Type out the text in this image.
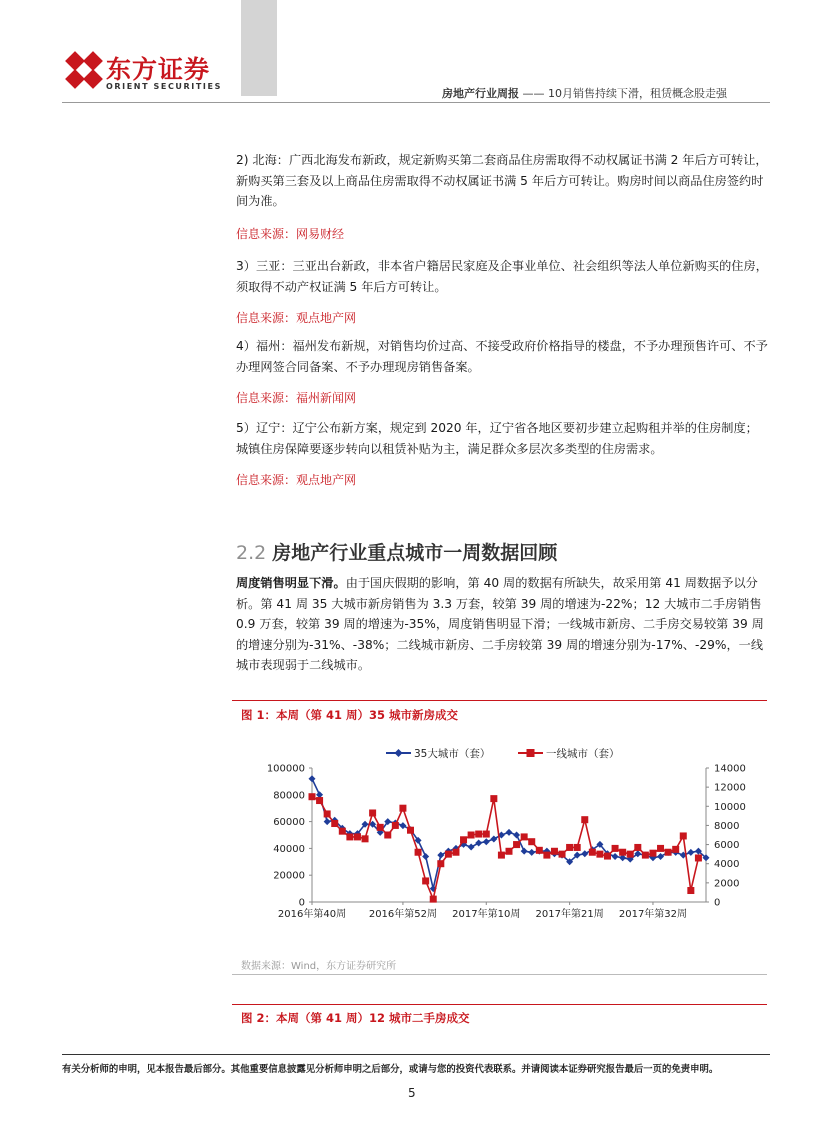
东方证券
ORIENT SECURITIES
房地产行业周报 —— 10月销售持续下滑，租赁概念股走强

2) 北海：广西北海发布新政，规定新购买第二套商品住房需取得不动权属证书满 2 年后方可转让，新购买第三套及以上商品住房需取得不动权属证书满 5 年后方可转让。购房时间以商品住房签约时间为准。

信息来源：网易财经

3）三亚：三亚出台新政，非本省户籍居民家庭及企事业单位、社会组织等法人单位新购买的住房，须取得不动产权证满 5 年后方可转让。

信息来源：观点地产网

4）福州：福州发布新规，对销售均价过高、不接受政府价格指导的楼盘，不予办理预售许可、不予办理网签合同备案、不予办理现房销售备案。

信息来源：福州新闻网

5）辽宁：辽宁公布新方案，规定到 2020 年，辽宁省各地区要初步建立起购租并举的住房制度；城镇住房保障要逐步转向以租赁补贴为主，满足群众多层次多类型的住房需求。

信息来源：观点地产网
2.2 房地产行业重点城市一周数据回顾

周度销售明显下滑。由于国庆假期的影响，第 40 周的数据有所缺失，故采用第 41 周数据予以分析。第 41 周 35 大城市新房销售为 3.3 万套，较第 39 周的增速为-22%；12 大城市二手房销售 0.9 万套，较第 39 周的增速为-35%，周度销售明显下滑；一线城市新房、二手房交易较第 39 周的增速分别为-31%、-38%；二线城市新房、二手房较第 39 周的增速分别为-17%、-29%，一线城市表现弱于二线城市。

图 1：本周（第 41 周）35 城市新房成交
0
20000
40000
60000
80000
100000
0
2000
4000
6000
8000
10000
12000
14000
2016年第40周 2016年第52周 2017年第10周 2017年第21周 2017年第32周
35大城市（套）	一线城市（套）
数据来源：Wind，东方证券研究所
图 2：本周（第 41 周）12 城市二手房成交
有关分析师的申明，见本报告最后部分。其他重要信息披露见分析师申明之后部分，或请与您的投资代表联系。并请阅读本证券研究报告最后一页的免责申明。
5
